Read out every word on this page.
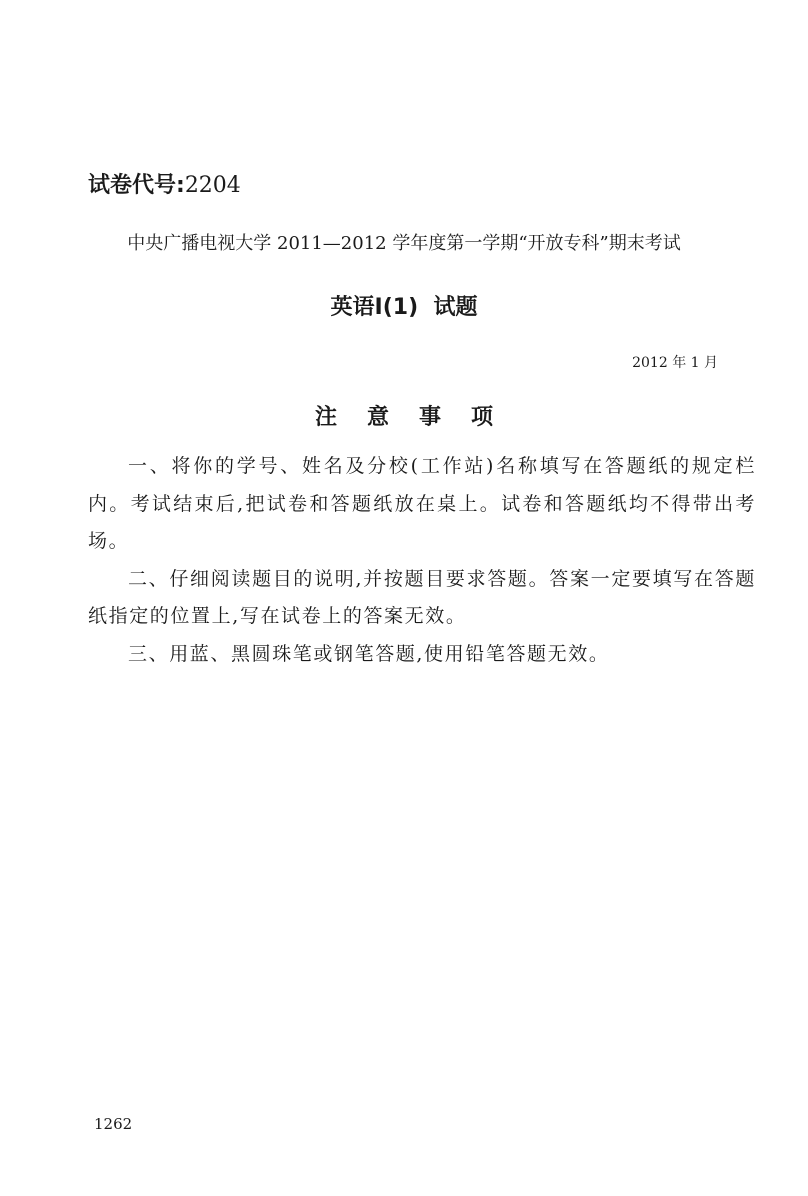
试卷代号:2204
中央广播电视大学 2011—2012 学年度第一学期“开放专科”期末考试
英语Ⅰ(1)  试题
2012 年 1 月
注意事项

一、将你的学号、姓名及分校(工作站)名称填写在答题纸的规定栏内。考试结束后,把试卷和答题纸放在桌上。试卷和答题纸均不得带出考场。

二、仔细阅读题目的说明,并按题目要求答题。答案一定要填写在答题纸指定的位置上,写在试卷上的答案无效。

三、用蓝、黑圆珠笔或钢笔答题,使用铅笔答题无效。

1262
